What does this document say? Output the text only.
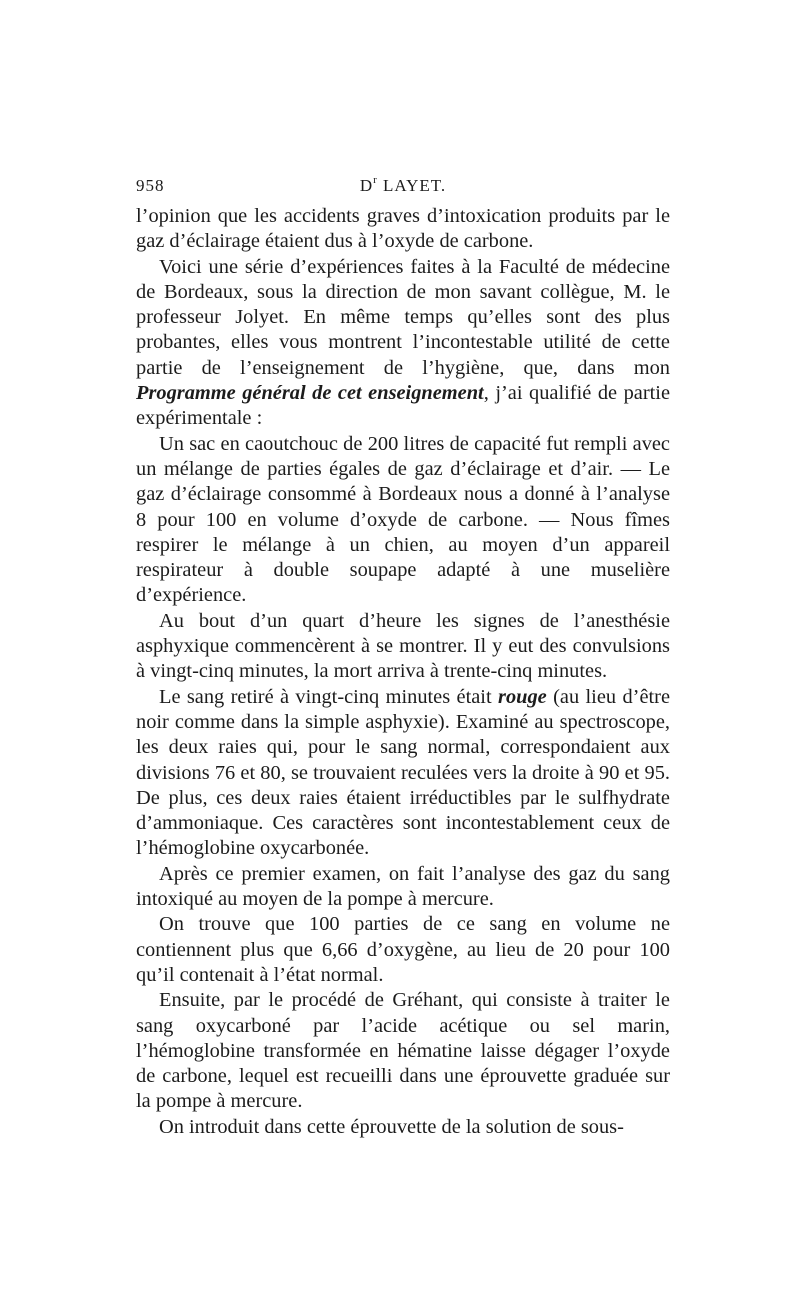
958	$D^r$ LAYET.

l’opinion que les accidents graves d’intoxication produits par le gaz d’éclairage étaient dus à l’oxyde de carbone.

Voici une série d’expériences faites à la Faculté de médecine de Bordeaux, sous la direction de mon savant collègue, M. le professeur Jolyet. En même temps qu’elles sont des plus probantes, elles vous montrent l’incontestable utilité de cette partie de l’enseignement de l’hygiène, que, dans mon Programme général de cet enseignement, j’ai qualifié de partie expérimentale :

Un sac en caoutchouc de 200 litres de capacité fut rempli avec un mélange de parties égales de gaz d’éclairage et d’air. — Le gaz d’éclairage consommé à Bordeaux nous a donné à l’analyse 8 pour 100 en volume d’oxyde de carbone. — Nous fîmes respirer le mélange à un chien, au moyen d’un appareil respirateur à double soupape adapté à une muselière d’expérience.

Au bout d’un quart d’heure les signes de l’anesthésie asphyxique commencèrent à se montrer. Il y eut des convulsions à vingt-cinq minutes, la mort arriva à trente-cinq minutes.

Le sang retiré à vingt-cinq minutes était rouge (au lieu d’être noir comme dans la simple asphyxie). Examiné au spectroscope, les deux raies qui, pour le sang normal, correspondaient aux divisions 76 et 80, se trouvaient reculées vers la droite à 90 et 95. De plus, ces deux raies étaient irréductibles par le sulfhydrate d’ammoniaque. Ces caractères sont incontestablement ceux de l’hémoglobine oxycarbonée.

Après ce premier examen, on fait l’analyse des gaz du sang intoxiqué au moyen de la pompe à mercure.

On trouve que 100 parties de ce sang en volume ne contiennent plus que 6,66 d’oxygène, au lieu de 20 pour 100 qu’il contenait à l’état normal.

Ensuite, par le procédé de Gréhant, qui consiste à traiter le sang oxycarboné par l’acide acétique ou sel marin, l’hémoglobine transformée en hématine laisse dégager l’oxyde de carbone, lequel est recueilli dans une éprouvette graduée sur la pompe à mercure.

On introduit dans cette éprouvette de la solution de sous-
